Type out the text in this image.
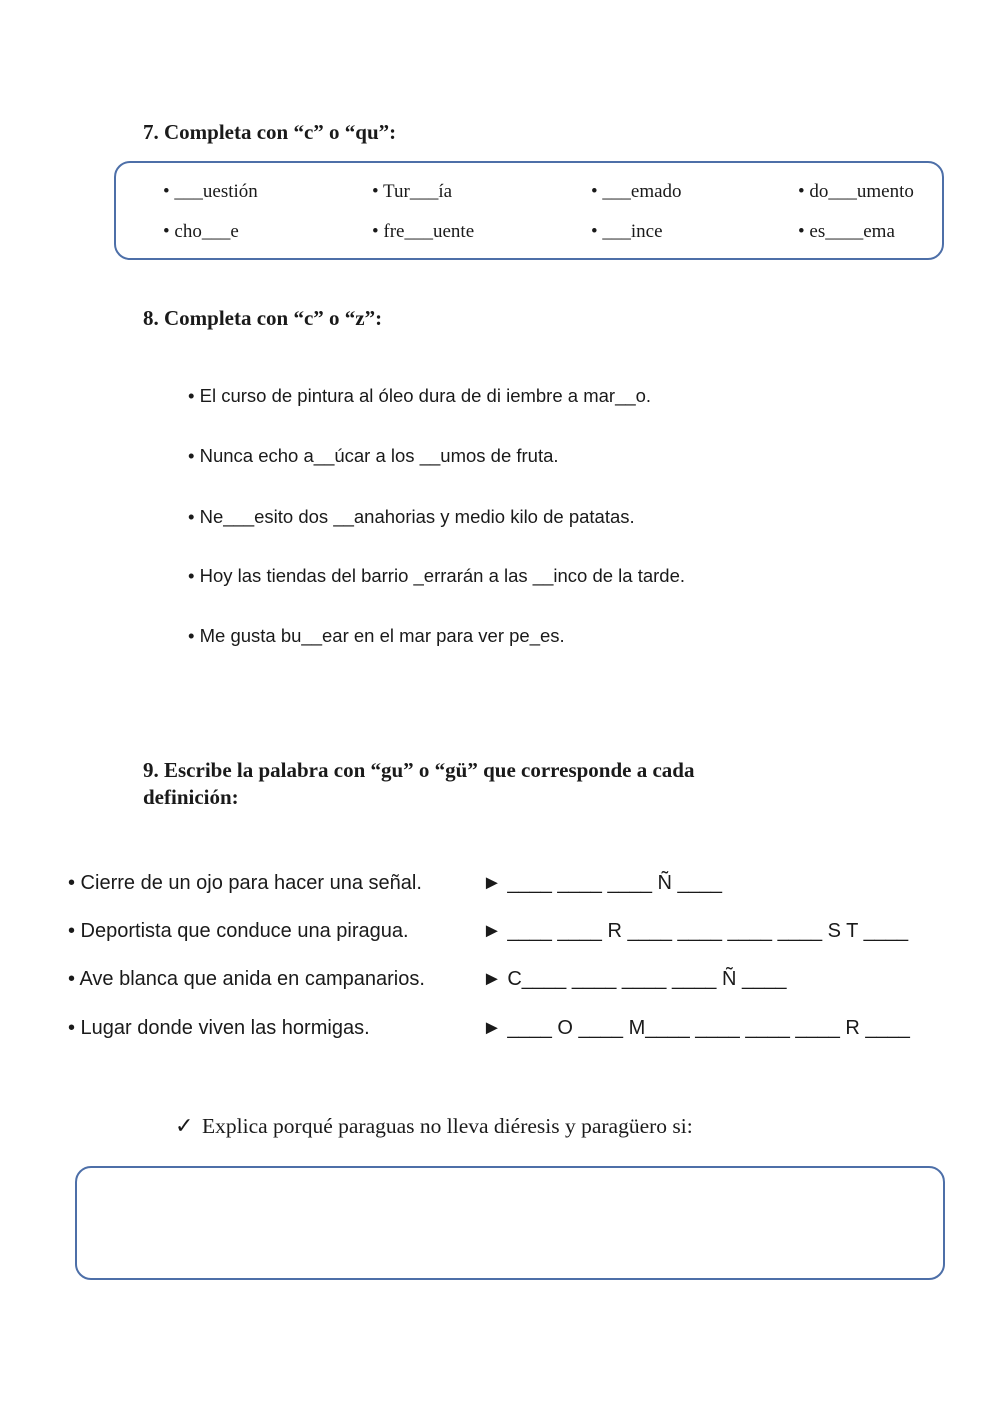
7. Completa con “c” o “qu”:
• ___uestión	• Tur___ía	• ___emado	• do___umento
• cho___e	• fre___uente	• ___ince	• es____ema
8. Completa con “c” o “z”:
• El curso de pintura al óleo dura de di iembre a mar__o.
• Nunca echo a__úcar a los __umos de fruta.
• Ne___esito dos __anahorias y medio kilo de patatas.
• Hoy las tiendas del barrio _errarán a las __inco de la tarde.
• Me gusta bu__ear en el mar para ver pe_es.
9. Escribe la palabra con “gu” o “gü” que corresponde a cada
definición:
• Cierre de un ojo para hacer una señal.	► ____ ____ ____ Ñ ____
• Deportista que conduce una piragua.	► ____ ____ R ____ ____ ____ ____ S T ____
• Ave blanca que anida en campanarios.	► C____ ____ ____ ____ Ñ ____
• Lugar donde viven las hormigas.	► ____ O ____ M____ ____ ____ ____ R ____
✓ Explica porqué paraguas no lleva diéresis y paragüero si:
